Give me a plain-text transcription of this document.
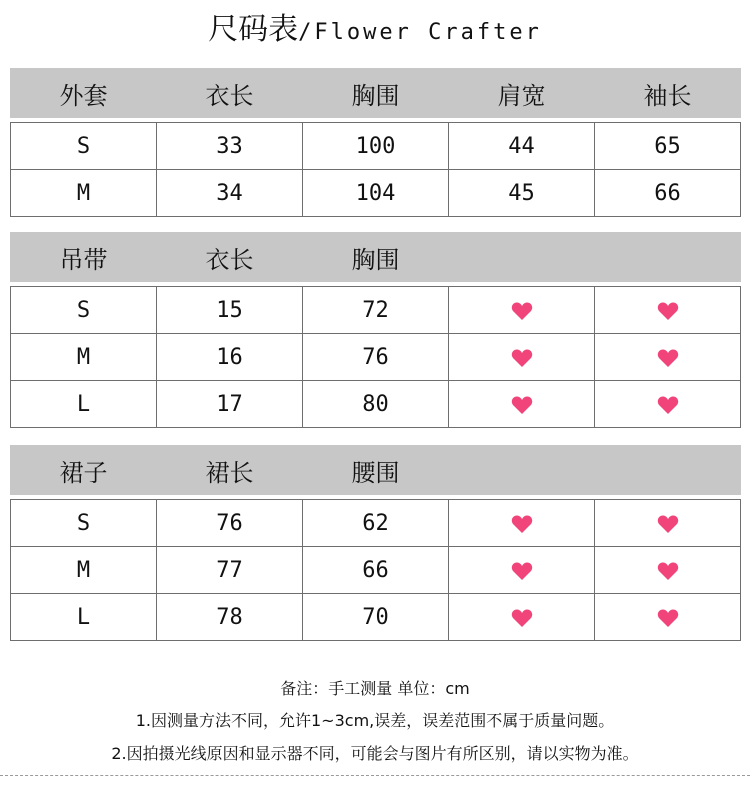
尺码表/Flower Crafter
外套	衣长	胸围	肩宽	袖长

S	33	100	44	65
M	34	104	45	66
吊带	衣长	胸围		

S	15	72		
M	16	76		
L	17	80		
裙子	裙长	腰围		

S	76	62		
M	77	66		
L	78	70		
备注：手工测量 单位：cm
1.因测量方法不同，允许1~3cm,误差，误差范围不属于质量问题。
2.因拍摄光线原因和显示器不同，可能会与图片有所区别，请以实物为准。
